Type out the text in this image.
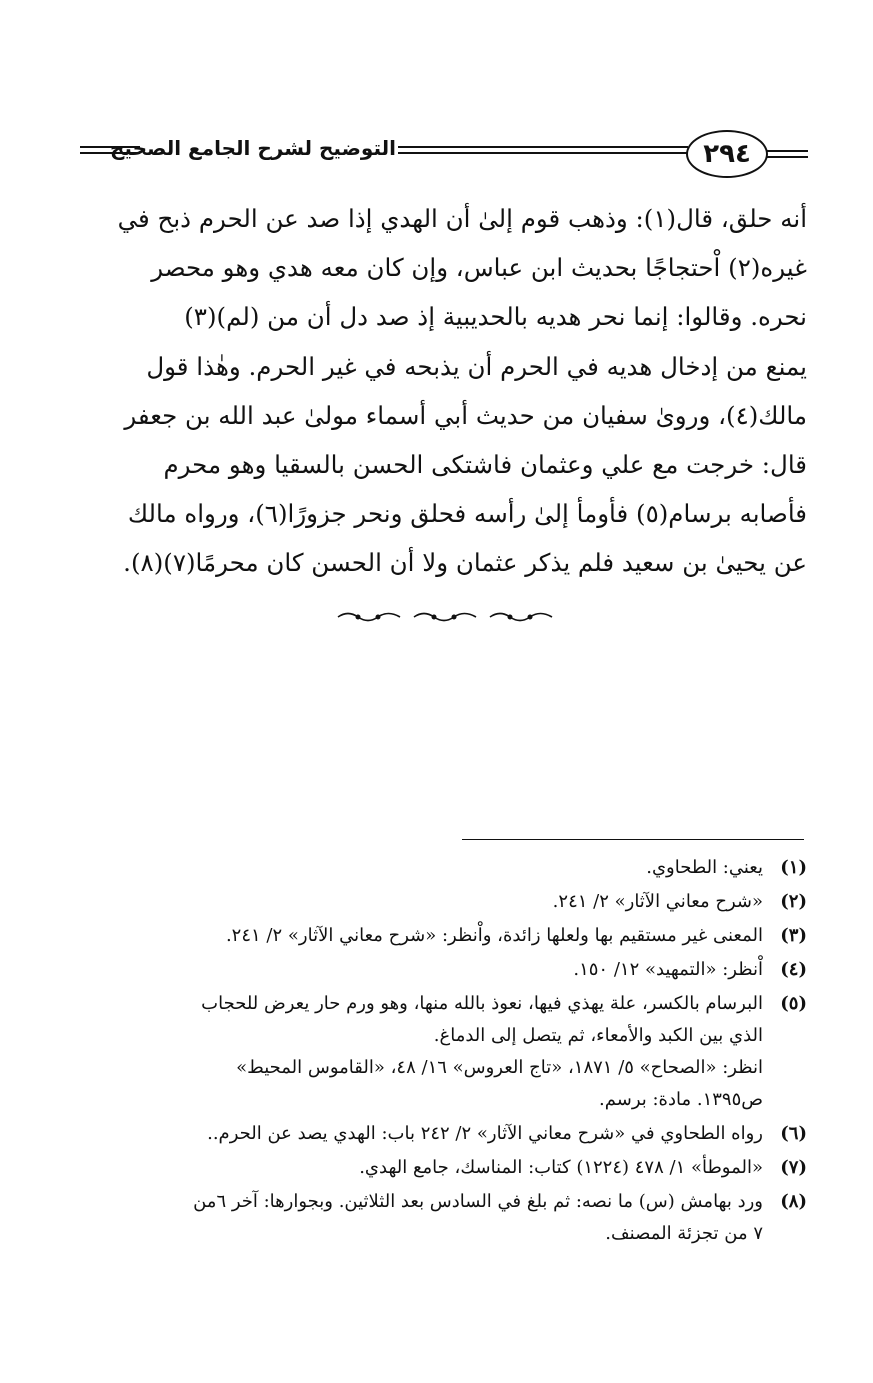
٢٩٤
التوضيح لشرح الجامع الصحيح
أنه حلق، قال(١): وذهب قوم إلىٰ أن الهدي إذا صد عن الحرم ذبح في
غيره(٢) اْحتجاجًا بحديث ابن عباس، وإن كان معه هدي وهو محصر
نحره. وقالوا: إنما نحر هديه بالحديبية إذ صد دل أن من (لم)(٣)
يمنع من إدخال هديه في الحرم أن يذبحه في غير الحرم. وهٰذا قول
مالك(٤)، وروىٰ سفيان من حديث أبي أسماء مولىٰ عبد الله بن جعفر
قال: خرجت مع علي وعثمان فاشتكى الحسن بالسقيا وهو محرم
فأصابه برسام(٥) فأومأ إلىٰ رأسه فحلق ونحر جزورًا(٦)، ورواه مالك
عن يحيىٰ بن سعيد فلم يذكر عثمان ولا أن الحسن كان محرمًا(٧)(٨).
(١)
يعني: الطحاوي.
(٢)
«شرح معاني الآثار» ٢/ ٢٤١.
(٣)
المعنى غير مستقيم بها ولعلها زائدة، واْنظر: «شرح معاني الآثار» ٢/ ٢٤١.
(٤)
اْنظر: «التمهيد» ١٢/ ١٥٠.
(٥)
البرسام بالكسر، علة يهذي فيها، نعوذ بالله منها، وهو ورم حار يعرض للحجاب
الذي بين الكبد والأمعاء، ثم يتصل إلى الدماغ.
انظر: «الصحاح» ٥/ ١٨٧١، «تاج العروس» ١٦/ ٤٨، «القاموس المحيط»
ص١٣٩٥. مادة: برسم.
(٦)
رواه الطحاوي في «شرح معاني الآثار» ٢/ ٢٤٢ باب: الهدي يصد عن الحرم..
(٧)
«الموطأ» ١/ ٤٧٨ (١٢٢٤) كتاب: المناسك، جامع الهدي.
(٨)
ورد بهامش (س) ما نصه: ثم بلغ في السادس بعد الثلاثين. وبجوارها: آخر ٦من
٧ من تجزئة المصنف.
